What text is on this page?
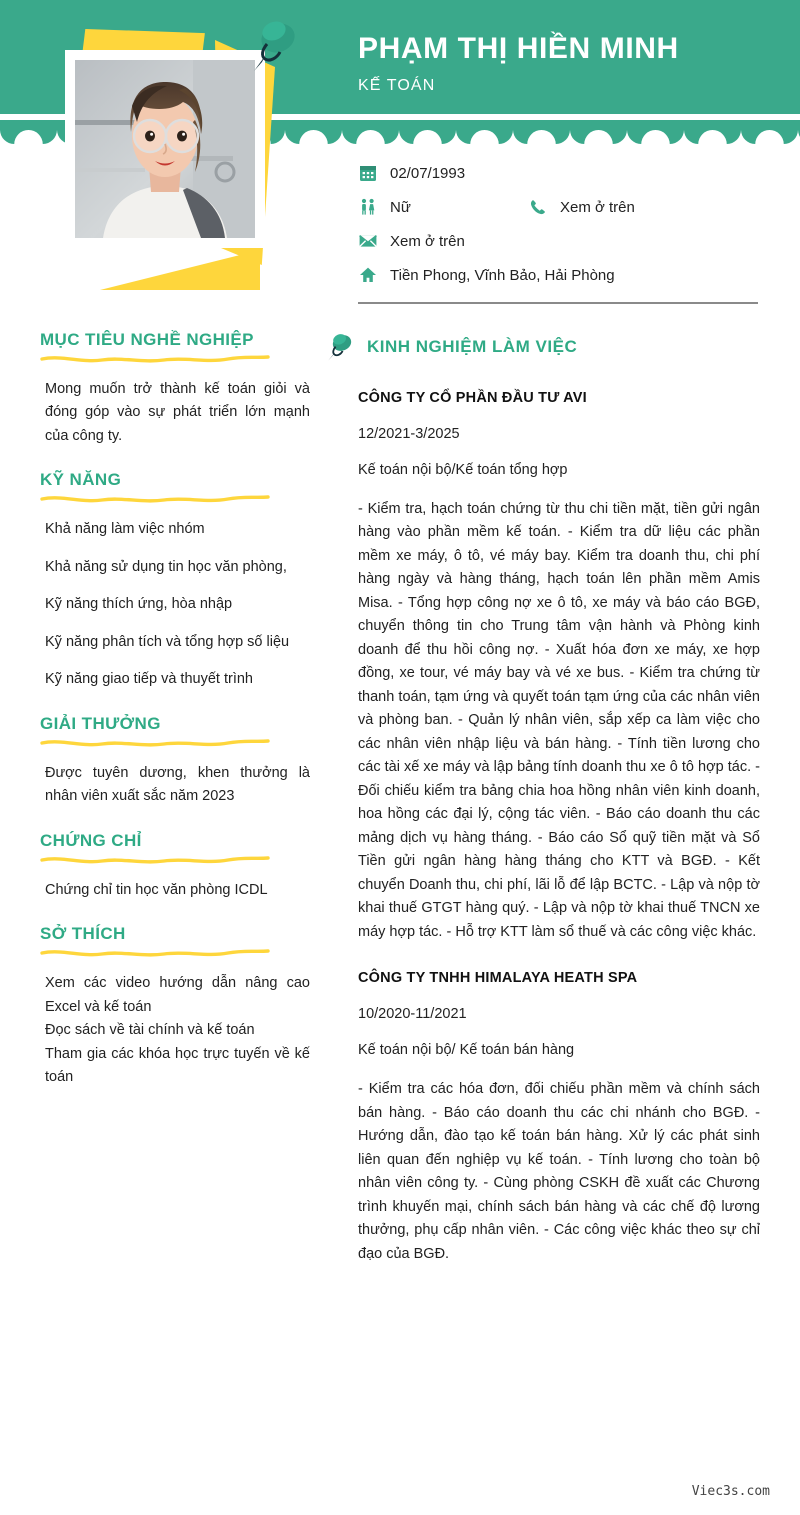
PHẠM THỊ HIỀN MINH
KẾ TOÁN
02/07/1993
Nữ	Xem ở trên
Xem ở trên
Tiền Phong, Vĩnh Bảo, Hải Phòng
MỤC TIÊU NGHỀ NGHIỆP
Mong muốn trở thành kế toán giỏi và đóng góp vào sự phát triển lớn mạnh của công ty.
KỸ NĂNG
Khả năng làm việc nhóm
Khả năng sử dụng tin học văn phòng,
Kỹ năng thích ứng, hòa nhập
Kỹ năng phân tích và tổng hợp số liệu
Kỹ năng giao tiếp và thuyết trình
GIẢI THƯỞNG
Được tuyên dương, khen thưởng là nhân viên xuất sắc năm 2023
CHỨNG CHỈ
Chứng chỉ tin học văn phòng ICDL
SỞ THÍCH
Xem các video hướng dẫn nâng cao Excel và kế toán
Đọc sách về tài chính và kế toán
Tham gia các khóa học trực tuyến về kế toán
KINH NGHIỆM LÀM VIỆC
CÔNG TY CỔ PHẦN ĐẦU TƯ AVI
12/2021-3/2025
Kế toán nội bộ/Kế toán tổng hợp
- Kiểm tra, hạch toán chứng từ thu chi tiền mặt, tiền gửi ngân hàng vào phần mềm kế toán. - Kiểm tra dữ liệu các phần mềm xe máy, ô tô, vé máy bay. Kiểm tra doanh thu, chi phí hàng ngày và hàng tháng, hạch toán lên phần mềm Amis Misa. - Tổng hợp công nợ xe ô tô, xe máy và báo cáo BGĐ, chuyển thông tin cho Trung tâm vận hành và Phòng kinh doanh để thu hồi công nợ. - Xuất hóa đơn xe máy, xe hợp đồng, xe tour, vé máy bay và vé xe bus. - Kiểm tra chứng từ thanh toán, tạm ứng và quyết toán tạm ứng của các nhân viên và phòng ban. - Quản lý nhân viên, sắp xếp ca làm việc cho các nhân viên nhập liệu và bán hàng. - Tính tiền lương cho các tài xế xe máy và lập bảng tính doanh thu xe ô tô hợp tác. - Đối chiếu kiểm tra bảng chia hoa hồng nhân viên kinh doanh, hoa hồng các đại lý, cộng tác viên. - Báo cáo doanh thu các mảng dịch vụ hàng tháng. - Báo cáo Sổ quỹ tiền mặt và Sổ Tiền gửi ngân hàng hàng tháng cho KTT và BGĐ. - Kết chuyển Doanh thu, chi phí, lãi lỗ để lập BCTC. - Lập và nộp tờ khai thuế GTGT hàng quý. - Lập và nộp tờ khai thuế TNCN xe máy hợp tác. - Hỗ trợ KTT làm sổ thuế và các công việc khác.
CÔNG TY TNHH HIMALAYA HEATH SPA
10/2020-11/2021
Kế toán nội bộ/ Kế toán bán hàng
- Kiểm tra các hóa đơn, đối chiếu phần mềm và chính sách bán hàng. - Báo cáo doanh thu các chi nhánh cho BGĐ. - Hướng dẫn, đào tạo kế toán bán hàng. Xử lý các phát sinh liên quan đến nghiệp vụ kế toán. - Tính lương cho toàn bộ nhân viên công ty. - Cùng phòng CSKH đề xuất các Chương trình khuyến mại, chính sách bán hàng và các chế độ lương thưởng, phụ cấp nhân viên. - Các công việc khác theo sự chỉ đạo của BGĐ.
Viec3s.com
